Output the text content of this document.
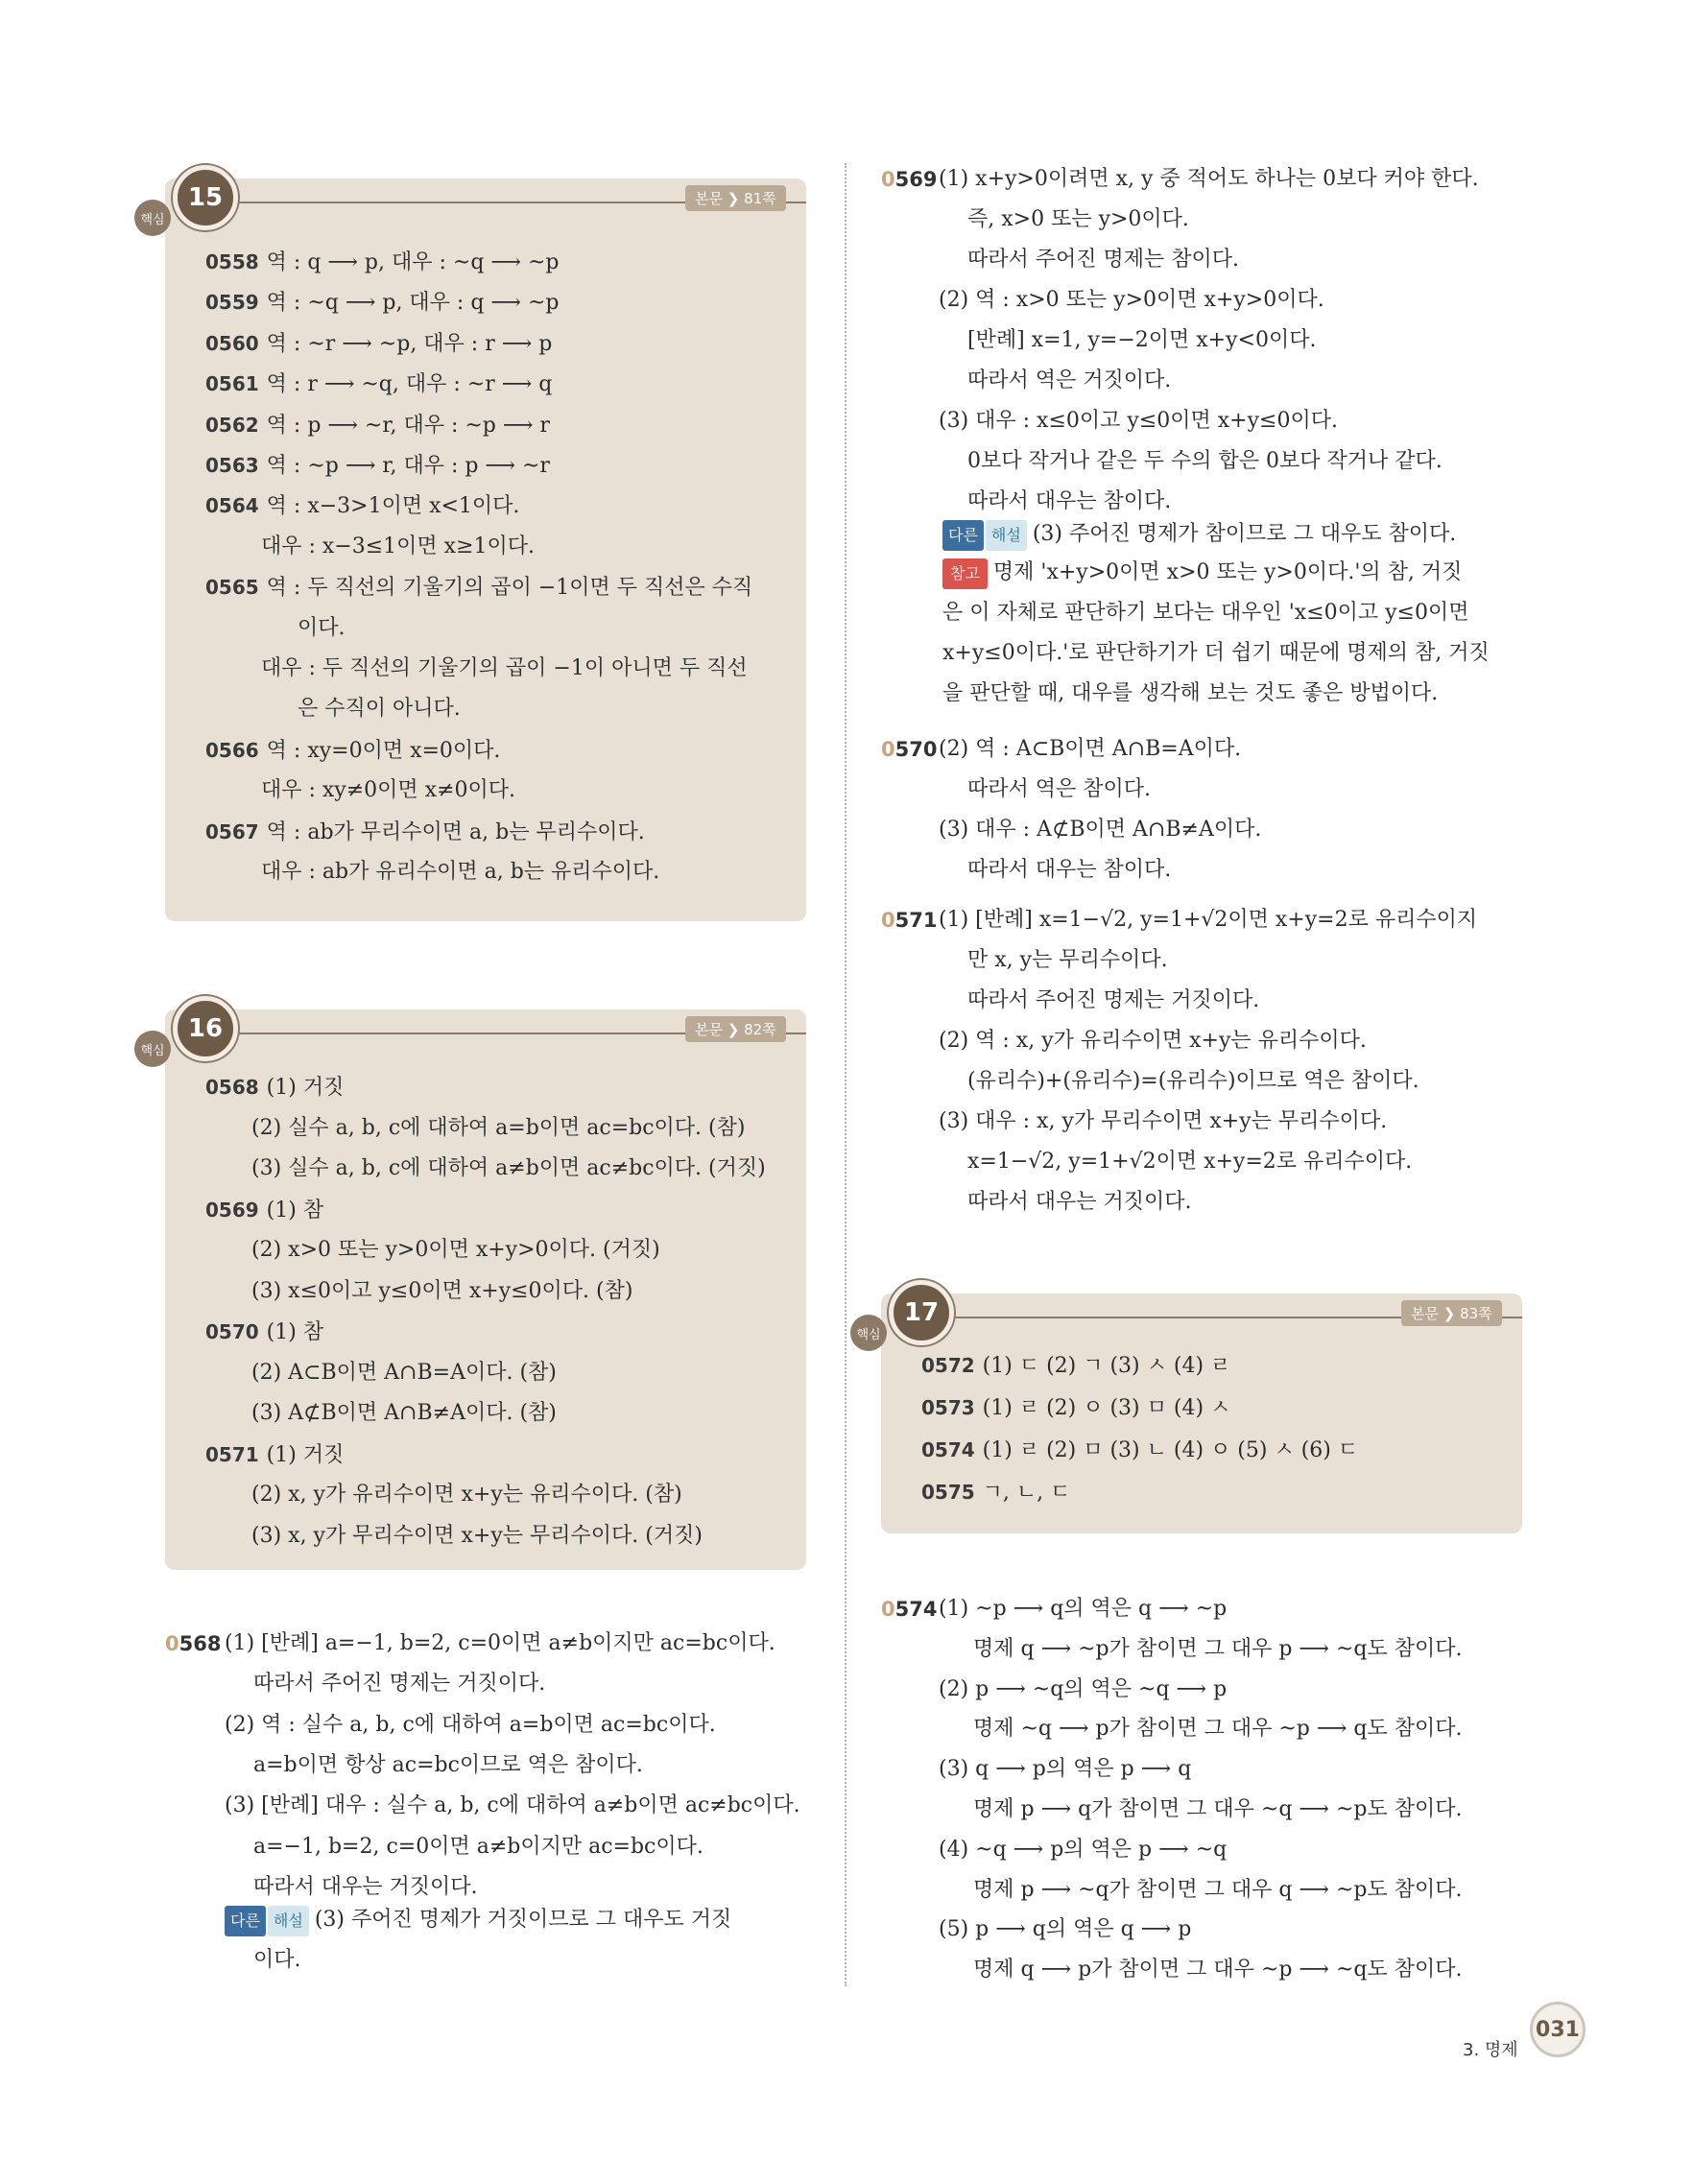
15
핵심
본문 ❯ 81쪽
0558 역 : q ⟶ p, 대우 : ~q ⟶ ~p
0559 역 : ~q ⟶ p, 대우 : q ⟶ ~p
0560 역 : ~r ⟶ ~p, 대우 : r ⟶ p
0561 역 : r ⟶ ~q, 대우 : ~r ⟶ q
0562 역 : p ⟶ ~r, 대우 : ~p ⟶ r
0563 역 : ~p ⟶ r, 대우 : p ⟶ ~r
0564 역 : x−3>1이면 x<1이다.
대우 : x−3≤1이면 x≥1이다.
0565 역 : 두 직선의 기울기의 곱이 −1이면 두 직선은 수직
이다.
대우 : 두 직선의 기울기의 곱이 −1이 아니면 두 직선
은 수직이 아니다.
0566 역 : xy=0이면 x=0이다.
대우 : xy≠0이면 x≠0이다.
0567 역 : ab가 무리수이면 a, b는 무리수이다.
대우 : ab가 유리수이면 a, b는 유리수이다.
16
핵심
본문 ❯ 82쪽
0568 (1) 거짓
(2) 실수 a, b, c에 대하여 a=b이면 ac=bc이다. (참)
(3) 실수 a, b, c에 대하여 a≠b이면 ac≠bc이다. (거짓)
0569 (1) 참
(2) x>0 또는 y>0이면 x+y>0이다. (거짓)
(3) x≤0이고 y≤0이면 x+y≤0이다. (참)
0570 (1) 참
(2) A⊂B이면 A∩B=A이다. (참)
(3) A⊄B이면 A∩B≠A이다. (참)
0571 (1) 거짓
(2) x, y가 유리수이면 x+y는 유리수이다. (참)
(3) x, y가 무리수이면 x+y는 무리수이다. (거짓)
0568 (1) [반례] a=−1, b=2, c=0이면 a≠b이지만 ac=bc이다.
따라서 주어진 명제는 거짓이다.
(2) 역 : 실수 a, b, c에 대하여 a=b이면 ac=bc이다.
a=b이면 항상 ac=bc이므로 역은 참이다.
(3) [반례] 대우 : 실수 a, b, c에 대하여 a≠b이면 ac≠bc이다.
a=−1, b=2, c=0이면 a≠b이지만 ac=bc이다.
따라서 대우는 거짓이다.
다른 해설 (3) 주어진 명제가 거짓이므로 그 대우도 거짓
이다.
0569 (1) x+y>0이려면 x, y 중 적어도 하나는 0보다 커야 한다.
즉, x>0 또는 y>0이다.
따라서 주어진 명제는 참이다.
(2) 역 : x>0 또는 y>0이면 x+y>0이다.
[반례] x=1, y=−2이면 x+y<0이다.
따라서 역은 거짓이다.
(3) 대우 : x≤0이고 y≤0이면 x+y≤0이다.
0보다 작거나 같은 두 수의 합은 0보다 작거나 같다.
따라서 대우는 참이다.
다른 해설 (3) 주어진 명제가 참이므로 그 대우도 참이다.
참고 명제 'x+y>0이면 x>0 또는 y>0이다.'의 참, 거짓
은 이 자체로 판단하기 보다는 대우인 'x≤0이고 y≤0이면
x+y≤0이다.'로 판단하기가 더 쉽기 때문에 명제의 참, 거짓
을 판단할 때, 대우를 생각해 보는 것도 좋은 방법이다.
0570 (2) 역 : A⊂B이면 A∩B=A이다.
따라서 역은 참이다.
(3) 대우 : A⊄B이면 A∩B≠A이다.
따라서 대우는 참이다.
0571 (1) [반례] x=1−√2, y=1+√2이면 x+y=2로 유리수이지
만 x, y는 무리수이다.
따라서 주어진 명제는 거짓이다.
(2) 역 : x, y가 유리수이면 x+y는 유리수이다.
(유리수)+(유리수)=(유리수)이므로 역은 참이다.
(3) 대우 : x, y가 무리수이면 x+y는 무리수이다.
x=1−√2, y=1+√2이면 x+y=2로 유리수이다.
따라서 대우는 거짓이다.
17
핵심
본문 ❯ 83쪽
0572 (1) ㄷ (2) ㄱ (3) ㅅ (4) ㄹ
0573 (1) ㄹ (2) ㅇ (3) ㅁ (4) ㅅ
0574 (1) ㄹ (2) ㅁ (3) ㄴ (4) ㅇ (5) ㅅ (6) ㄷ
0575 ㄱ, ㄴ, ㄷ
0574 (1) ~p ⟶ q의 역은 q ⟶ ~p
명제 q ⟶ ~p가 참이면 그 대우 p ⟶ ~q도 참이다.
(2) p ⟶ ~q의 역은 ~q ⟶ p
명제 ~q ⟶ p가 참이면 그 대우 ~p ⟶ q도 참이다.
(3) q ⟶ p의 역은 p ⟶ q
명제 p ⟶ q가 참이면 그 대우 ~q ⟶ ~p도 참이다.
(4) ~q ⟶ p의 역은 p ⟶ ~q
명제 p ⟶ ~q가 참이면 그 대우 q ⟶ ~p도 참이다.
(5) p ⟶ q의 역은 q ⟶ p
명제 q ⟶ p가 참이면 그 대우 ~p ⟶ ~q도 참이다.
3. 명제
031
